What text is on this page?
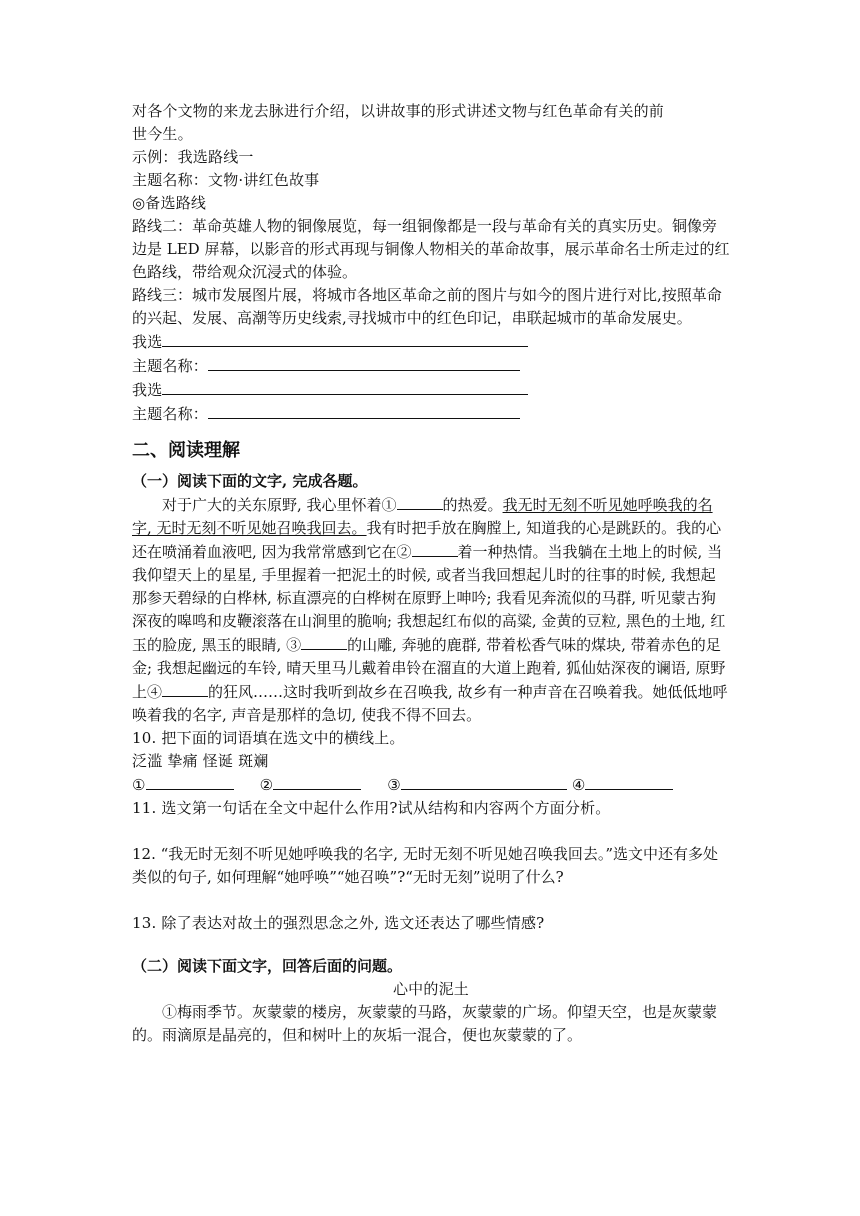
对各个文物的来龙去脉进行介绍，以讲故事的形式讲述文物与红色革命有关的前
世今生。
示例：我选路线一
主题名称：文物·讲红色故事
◎备选路线
路线二：革命英雄人物的铜像展览，每一组铜像都是一段与革命有关的真实历史。铜像旁边是 LED 屏幕，以影音的形式再现与铜像人物相关的革命故事，展示革命名士所走过的红色路线，带给观众沉浸式的体验。
路线三：城市发展图片展，将城市各地区革命之前的图片与如今的图片进行对比,按照革命的兴起、发展、高潮等历史线索,寻找城市中的红色印记，串联起城市的革命发展史。
我选
主题名称：
我选
主题名称：
二、阅读理解
（一）阅读下面的文字, 完成各题。
对于广大的关东原野, 我心里怀着①	的热爱。我无时无刻不听见她呼唤我的名字, 无时无刻不听见她召唤我回去。我有时把手放在胸膛上, 知道我的心是跳跃的。我的心还在喷涌着血液吧, 因为我常常感到它在②	着一种热情。当我躺在土地上的时候, 当我仰望天上的星星, 手里握着一把泥土的时候, 或者当我回想起儿时的往事的时候, 我想起那参天碧绿的白桦林, 标直漂亮的白桦树在原野上呻吟; 我看见奔流似的马群, 听见蒙古狗深夜的嗥鸣和皮鞭滚落在山涧里的脆响; 我想起红布似的高粱, 金黄的豆粒, 黑色的土地, 红玉的脸庞, 黑玉的眼睛, ③	的山雕, 奔驰的鹿群, 带着松香气味的煤块, 带着赤色的足金; 我想起幽远的车铃, 晴天里马儿戴着串铃在溜直的大道上跑着, 狐仙姑深夜的谰语, 原野上④	的狂风……这时我听到故乡在召唤我, 故乡有一种声音在召唤着我。她低低地呼唤着我的名字, 声音是那样的急切, 使我不得不回去。
10. 把下面的词语填在选文中的横线上。
泛滥 挚痛 怪诞 斑斓
①	②	③	④
11. 选文第一句话在全文中起什么作用?试从结构和内容两个方面分析。
12. “我无时无刻不听见她呼唤我的名字, 无时无刻不听见她召唤我回去。”选文中还有多处类似的句子, 如何理解“她呼唤”“她召唤”?“无时无刻”说明了什么?
13. 除了表达对故土的强烈思念之外, 选文还表达了哪些情感?
（二）阅读下面文字，回答后面的问题。
心中的泥土
①梅雨季节。灰蒙蒙的楼房，灰蒙蒙的马路，灰蒙蒙的广场。仰望天空，也是灰蒙蒙的。雨滴原是晶亮的，但和树叶上的灰垢一混合，便也灰蒙蒙的了。
